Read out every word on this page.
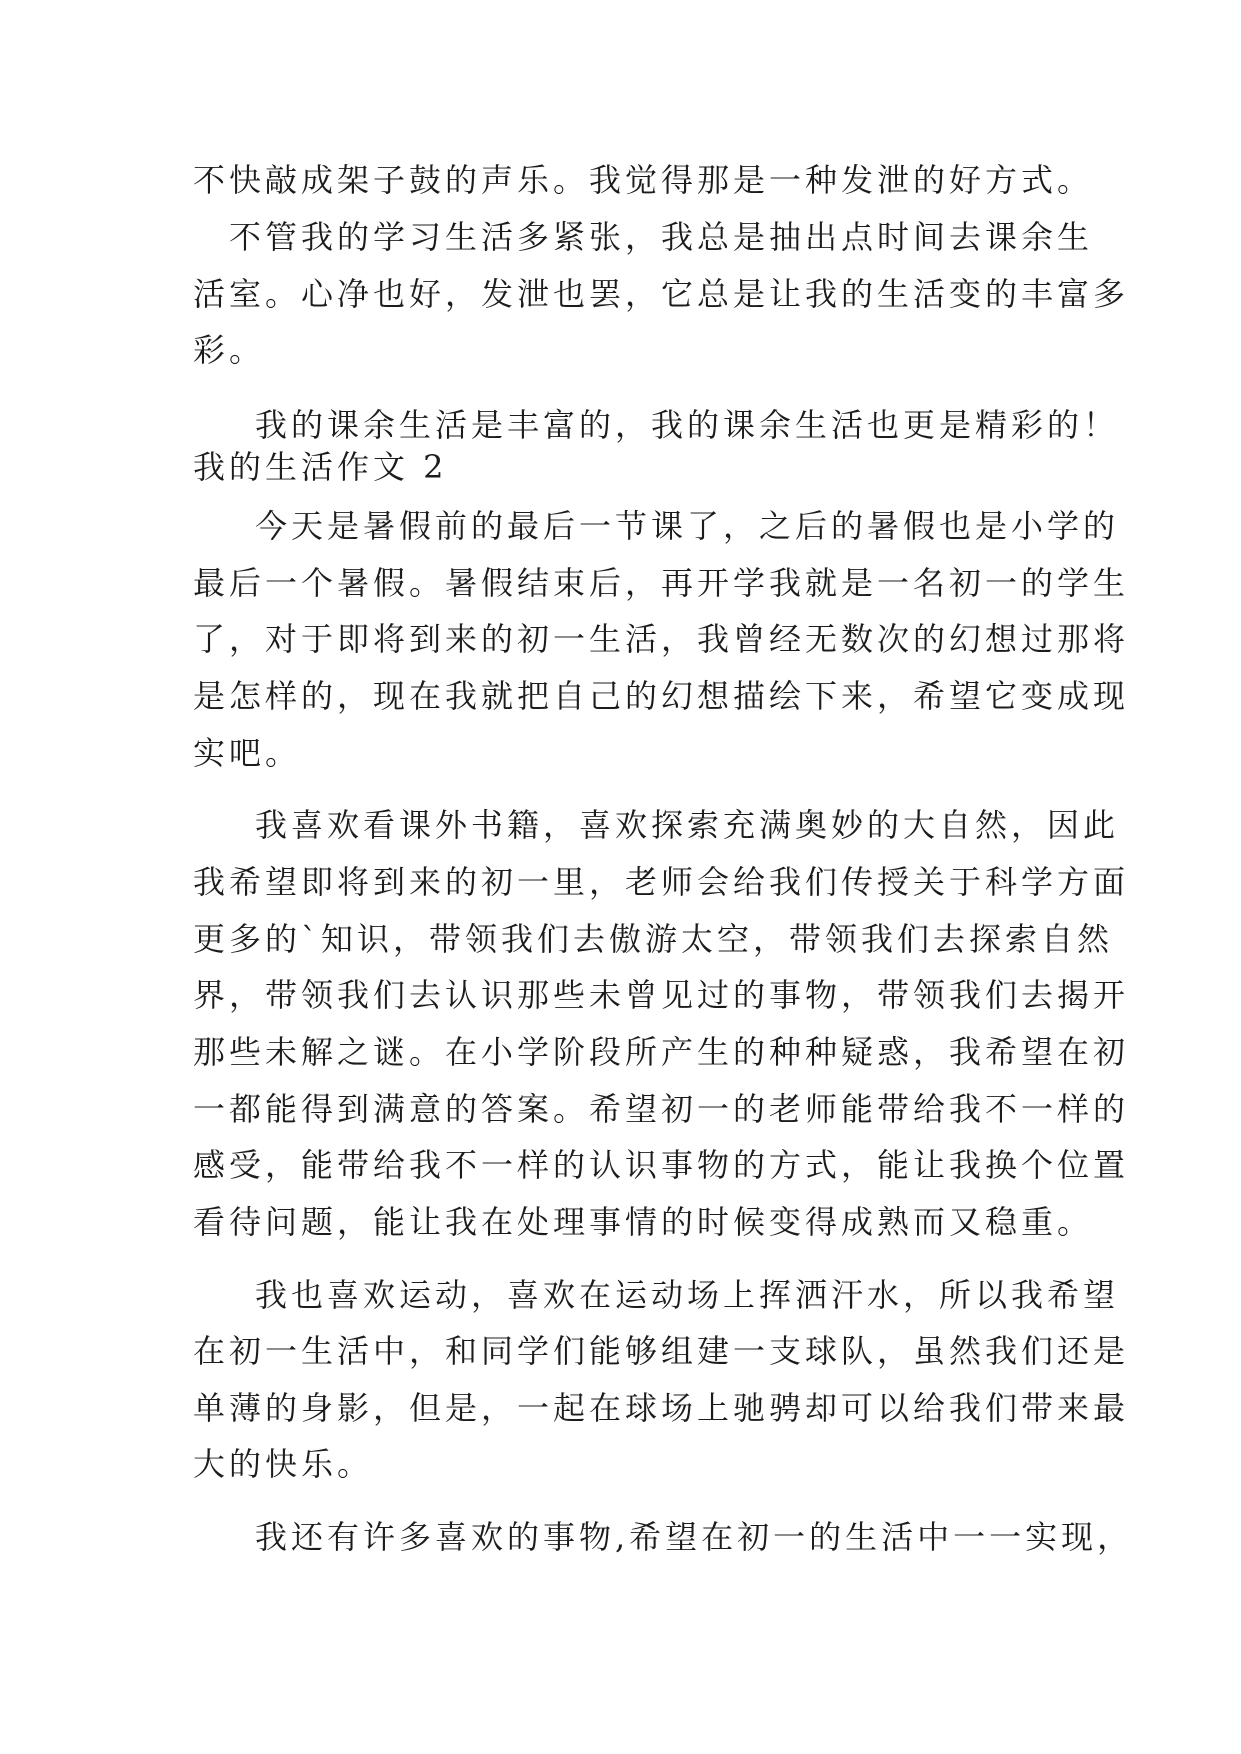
不快敲成架子鼓的声乐。我觉得那是一种发泄的好方式。
不管我的学习生活多紧张，我总是抽出点时间去课余生
活室。心净也好，发泄也罢，它总是让我的生活变的丰富多
彩。
我的课余生活是丰富的，我的课余生活也更是精彩的！
我的生活作文 2
今天是暑假前的最后一节课了，之后的暑假也是小学的
最后一个暑假。暑假结束后，再开学我就是一名初一的学生
了，对于即将到来的初一生活，我曾经无数次的幻想过那将
是怎样的，现在我就把自己的幻想描绘下来，希望它变成现
实吧。
我喜欢看课外书籍，喜欢探索充满奥妙的大自然，因此
我希望即将到来的初一里，老师会给我们传授关于科学方面
更多的`知识，带领我们去傲游太空，带领我们去探索自然
界，带领我们去认识那些未曾见过的事物，带领我们去揭开
那些未解之谜。在小学阶段所产生的种种疑惑，我希望在初
一都能得到满意的答案。希望初一的老师能带给我不一样的
感受，能带给我不一样的认识事物的方式，能让我换个位置
看待问题，能让我在处理事情的时候变得成熟而又稳重。
我也喜欢运动，喜欢在运动场上挥洒汗水，所以我希望
在初一生活中，和同学们能够组建一支球队，虽然我们还是
单薄的身影，但是，一起在球场上驰骋却可以给我们带来最
大的快乐。
我还有许多喜欢的事物,希望在初一的生活中一一实现，
